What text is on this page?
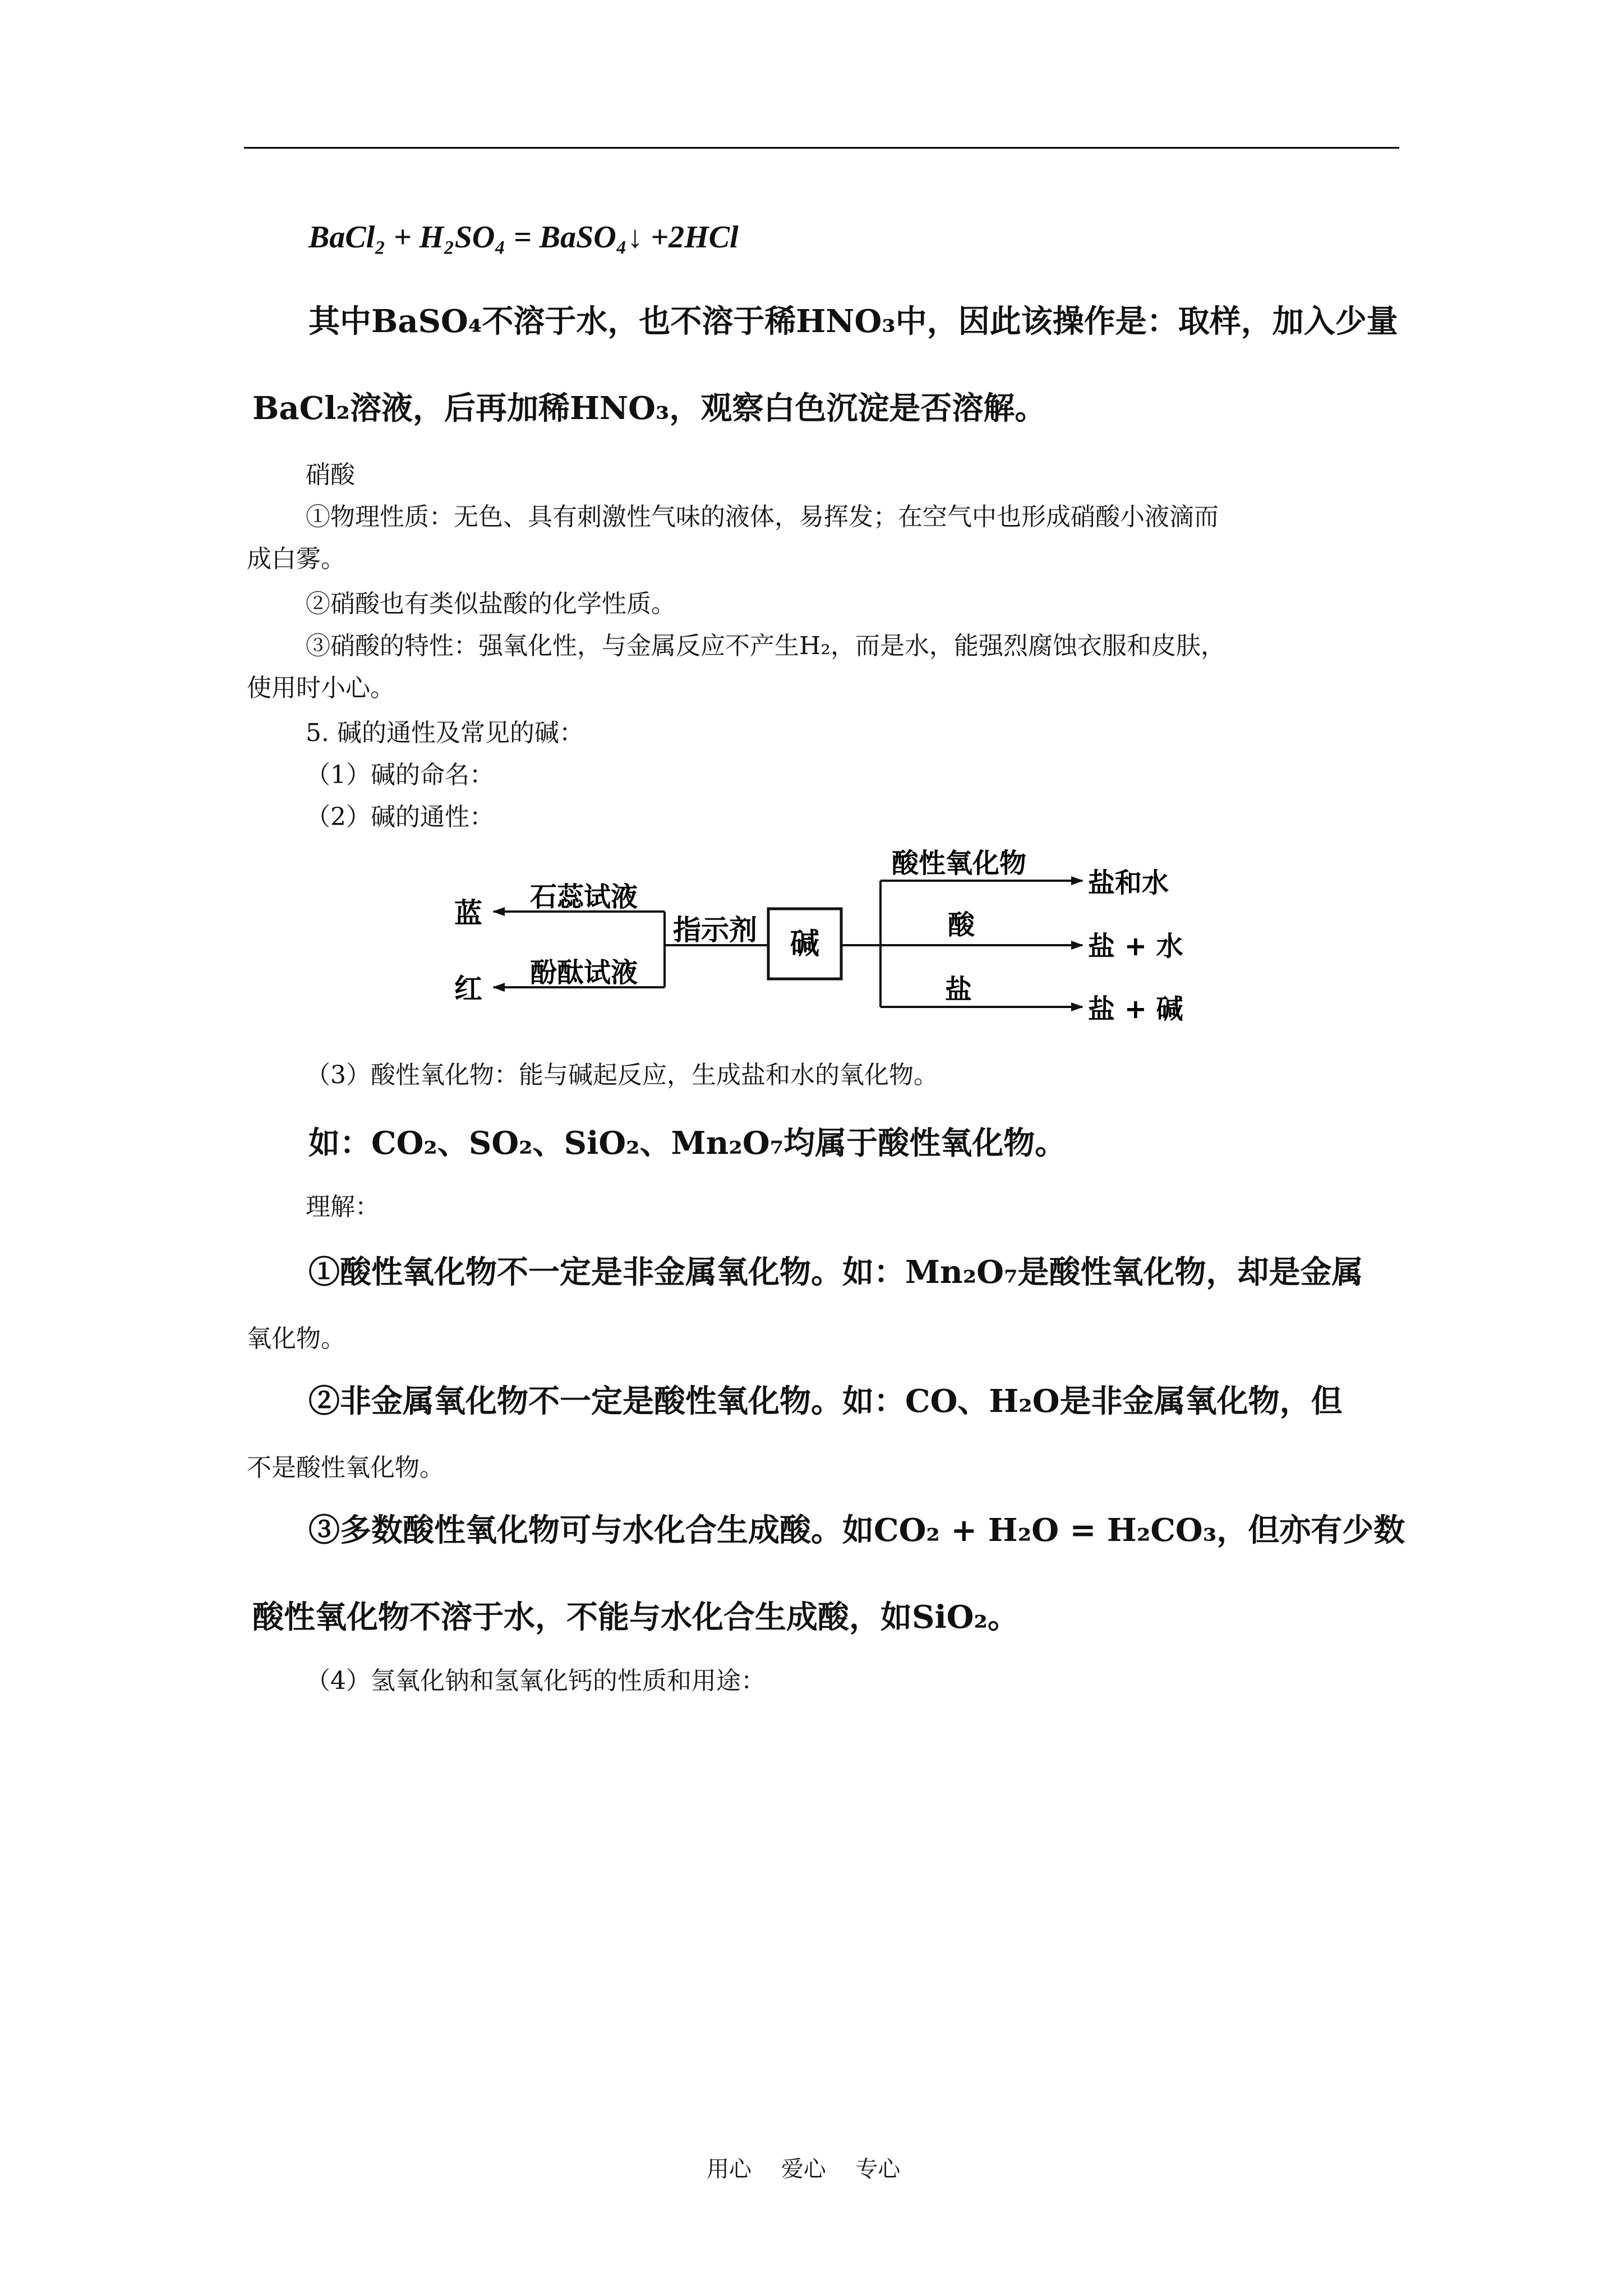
BaCl₂ + H₂SO₄ = BaSO₄↓ +2HCl
其中BaSO₄不溶于水，也不溶于稀HNO₃中，因此该操作是：取样，加入少量
BaCl₂溶液，后再加稀HNO₃，观察白色沉淀是否溶解。
硝酸
①物理性质：无色、具有刺激性气味的液体，易挥发；在空气中也形成硝酸小液滴而
成白雾。
②硝酸也有类似盐酸的化学性质。
③硝酸的特性：强氧化性，与金属反应不产生H₂，而是水，能强烈腐蚀衣服和皮肤，
使用时小心。
5. 碱的通性及常见的碱：
（1）碱的命名：
（2）碱的通性：
碱
指示剂
石蕊试液
蓝
酚酞试液
红
酸性氧化物
盐和水
酸
盐 + 水
盐
盐 + 碱
（3）酸性氧化物：能与碱起反应，生成盐和水的氧化物。
如：CO₂、SO₂、SiO₂、Mn₂O₇均属于酸性氧化物。
理解：
①酸性氧化物不一定是非金属氧化物。如：Mn₂O₇是酸性氧化物，却是金属
氧化物。
②非金属氧化物不一定是酸性氧化物。如：CO、H₂O是非金属氧化物，但
不是酸性氧化物。
③多数酸性氧化物可与水化合生成酸。如CO₂ + H₂O = H₂CO₃，但亦有少数
酸性氧化物不溶于水，不能与水化合生成酸，如SiO₂。
（4）氢氧化钠和氢氧化钙的性质和用途：
用心　 爱心　 专心
